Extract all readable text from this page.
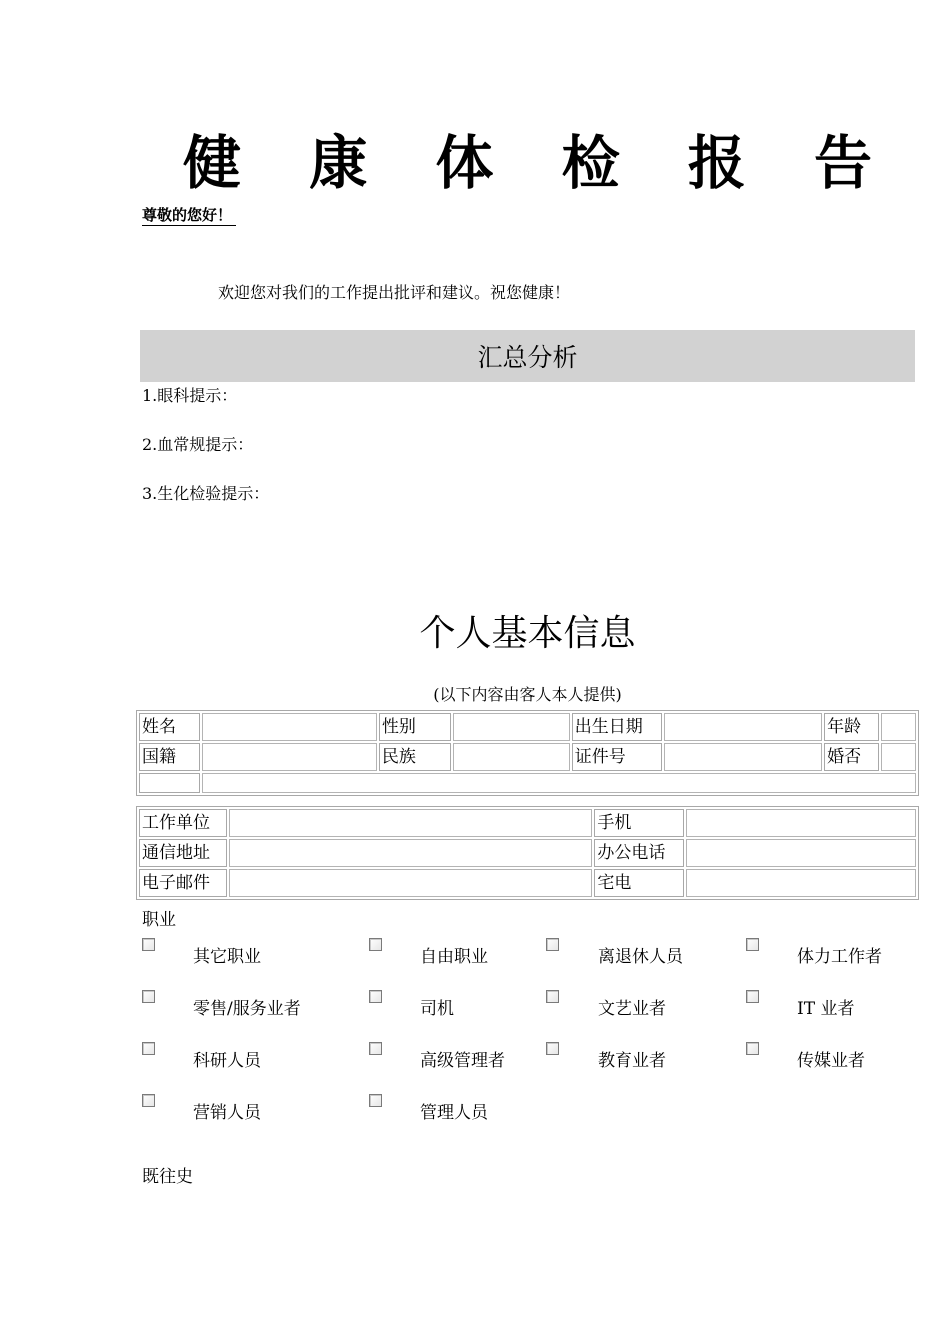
健 康 体 检 报 告
尊敬的您好！
欢迎您对我们的工作提出批评和建议。祝您健康！
汇总分析
1.眼科提示：
2.血常规提示：
3.生化检验提示：
个人基本信息
(以下内容由客人本人提供)
姓名		性别		出生日期		年龄	
国籍		民族		证件号		婚否	

工作单位		手机	
通信地址		办公电话	
电子邮件		宅电	
职业
其它职业	自由职业	离退休人员	体力工作者
零售/服务业者	司机	文艺业者	IT 业者
科研人员	高级管理者	教育业者	传媒业者
营销人员	管理人员
既往史
